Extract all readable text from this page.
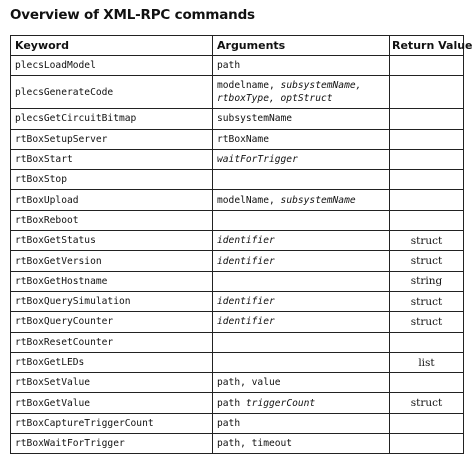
Overview of XML-RPC commands
Keyword	Arguments	Return Value
plecsLoadModel	path	
plecsGenerateCode	modelname, subsystemName,
rtboxType, optStruct	
plecsGetCircuitBitmap	subsystemName	
rtBoxSetupServer	rtBoxName	
rtBoxStart	waitForTrigger	
rtBoxStop		
rtBoxUpload	modelName, subsystemName	
rtBoxReboot		
rtBoxGetStatus	identifier	struct
rtBoxGetVersion	identifier	struct
rtBoxGetHostname		string
rtBoxQuerySimulation	identifier	struct
rtBoxQueryCounter	identifier	struct
rtBoxResetCounter		
rtBoxGetLEDs		list
rtBoxSetValue	path, value	
rtBoxGetValue	path triggerCount	struct
rtBoxCaptureTriggerCount	path	
rtBoxWaitForTrigger	path, timeout	
